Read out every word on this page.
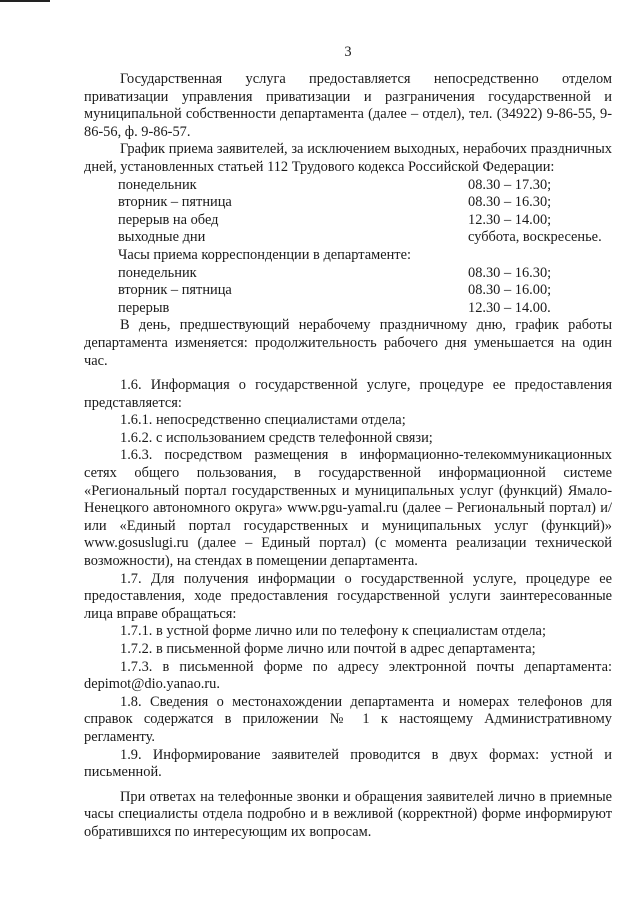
3

Государственная услуга предоставляется непосредственно отделом приватизации управления приватизации и разграничения государственной и муниципальной собственности департамента (далее – отдел), тел. (34922) 9-86-55, 9-86-56, ф. 9-86-57.

График приема заявителей, за исключением выходных, нерабочих праздничных дней, установленных статьей 112 Трудового кодекса Российской Федерации:

понедельник	08.30 – 17.30;
вторник – пятница	08.30 – 16.30;
перерыв на обед	12.30 – 14.00;
выходные дни	суббота, воскресенье.
Часы приема корреспонденции в департаменте:	
понедельник	08.30 – 16.30;
вторник – пятница	08.30 – 16.00;
перерыв	12.30 – 14.00.

В день, предшествующий нерабочему праздничному дню, график работы департамента изменяется: продолжительность рабочего дня уменьшается на один час.

1.6. Информация о государственной услуге, процедуре ее предоставления представляется:

1.6.1. непосредственно специалистами отдела;

1.6.2. с использованием средств телефонной связи;

1.6.3. посредством размещения в информационно-телекоммуникационных сетях общего пользования, в государственной информационной системе «Региональный портал государственных и муниципальных услуг (функций) Ямало-Ненецкого автономного округа» www.pgu-yamal.ru (далее – Региональный портал) и/или «Единый портал государственных и муниципальных услуг (функций)» www.gosuslugi.ru (далее – Единый портал) (с момента реализации технической возможности), на стендах в помещении департамента.

1.7. Для получения информации о государственной услуге, процедуре ее предоставления, ходе предоставления государственной услуги заинтересованные лица вправе обращаться:

1.7.1. в устной форме лично или по телефону к специалистам отдела;

1.7.2. в письменной форме лично или почтой в адрес департамента;

1.7.3. в письменной форме по адресу электронной почты департамента: depimot@dio.yanao.ru.

1.8. Сведения о местонахождении департамента и номерах телефонов для справок содержатся в приложении № 1 к настоящему Административному регламенту.

1.9. Информирование заявителей проводится в двух формах: устной и письменной.

При ответах на телефонные звонки и обращения заявителей лично в приемные часы специалисты отдела подробно и в вежливой (корректной) форме информируют обратившихся по интересующим их вопросам.
